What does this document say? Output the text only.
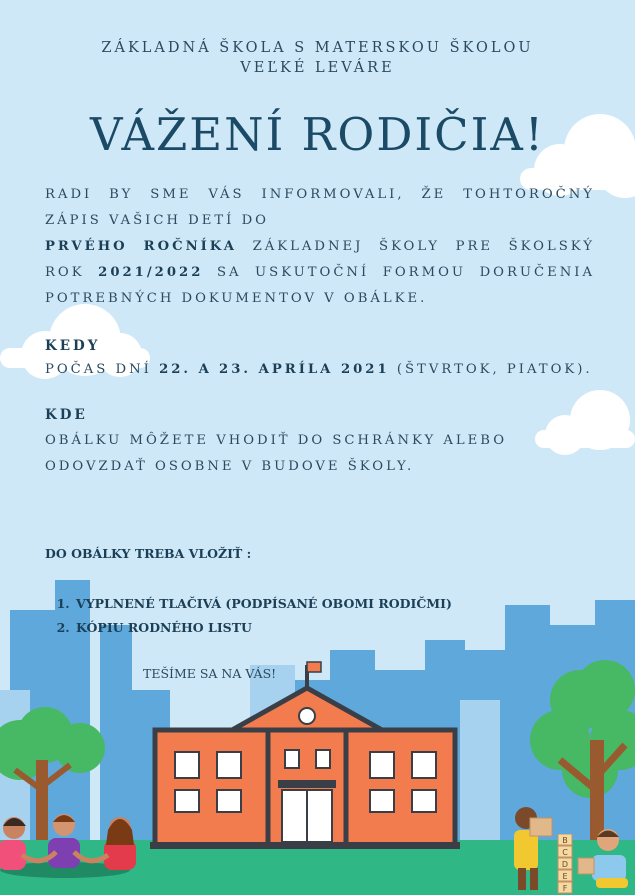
ZÁKLADNÁ ŠKOLA S MATERSKOU ŠKOLOU
VEĽKÉ LEVÁRE
VÁŽENÍ RODIČIA!

RADI BY SME VÁS INFORMOVALI, ŽE TOHTOROČNÝ ZÁPIS VAŠICH DETÍ DO
PRVÉHO ROČNÍKA ZÁKLADNEJ ŠKOLY PRE ŠKOLSKÝ ROK 2021/2022 SA USKUTOČNÍ FORMOU DORUČENIA POTREBNÝCH DOKUMENTOV V OBÁLKE.

KEDY

POČAS DNÍ 22. A 23. APRÍLA 2021 (ŠTVRTOK, PIATOK).

KDE

OBÁLKU MÔŽETE VHODIŤ DO SCHRÁNKY ALEBO ODOVZDAŤ OSOBNE V BUDOVE ŠKOLY.

DO OBÁLKY TREBA VLOŽIŤ :
1. VYPLNENÉ TLAČIVÁ (PODPÍSANÉ OBOMI RODIČMI)
2. KÓPIU RODNÉHO LISTU
TEŠÍME SA NA VÁS!
B
C
D
E
F
